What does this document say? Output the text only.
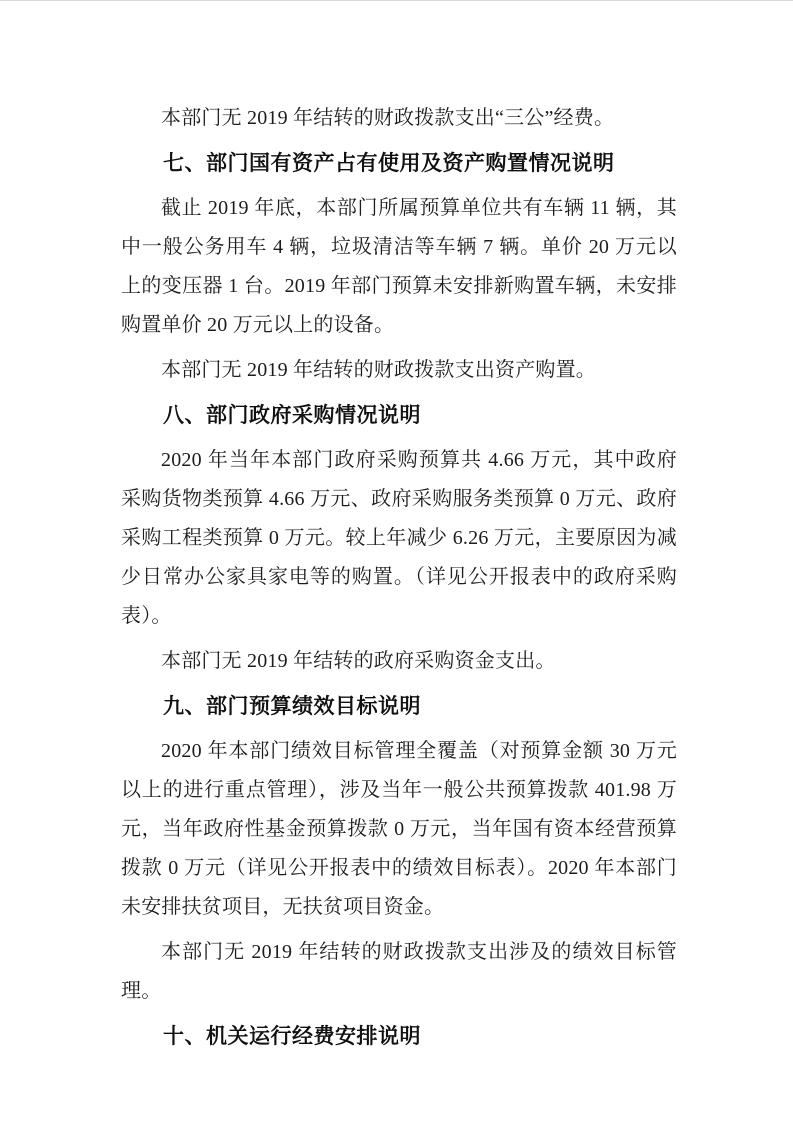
本部门无 2019 年结转的财政拨款支出“三公”经费。

七、部门国有资产占有使用及资产购置情况说明

截止 2019 年底，本部门所属预算单位共有车辆 11 辆，其中一般公务用车 4 辆，垃圾清洁等车辆 7 辆。单价 20 万元以上的变压器 1 台。2019 年部门预算未安排新购置车辆，未安排购置单价 20 万元以上的设备。

本部门无 2019 年结转的财政拨款支出资产购置。

八、部门政府采购情况说明

2020 年当年本部门政府采购预算共 4.66 万元，其中政府采购货物类预算 4.66 万元、政府采购服务类预算 0 万元、政府采购工程类预算 0 万元。较上年减少 6.26 万元，主要原因为减少日常办公家具家电等的购置。（详见公开报表中的政府采购表）。

本部门无 2019 年结转的政府采购资金支出。

九、部门预算绩效目标说明

2020 年本部门绩效目标管理全覆盖（对预算金额 30 万元以上的进行重点管理），涉及当年一般公共预算拨款 401.98 万元，当年政府性基金预算拨款 0 万元，当年国有资本经营预算拨款 0 万元（详见公开报表中的绩效目标表）。2020 年本部门未安排扶贫项目，无扶贫项目资金。

本部门无 2019 年结转的财政拨款支出涉及的绩效目标管理。

十、机关运行经费安排说明
